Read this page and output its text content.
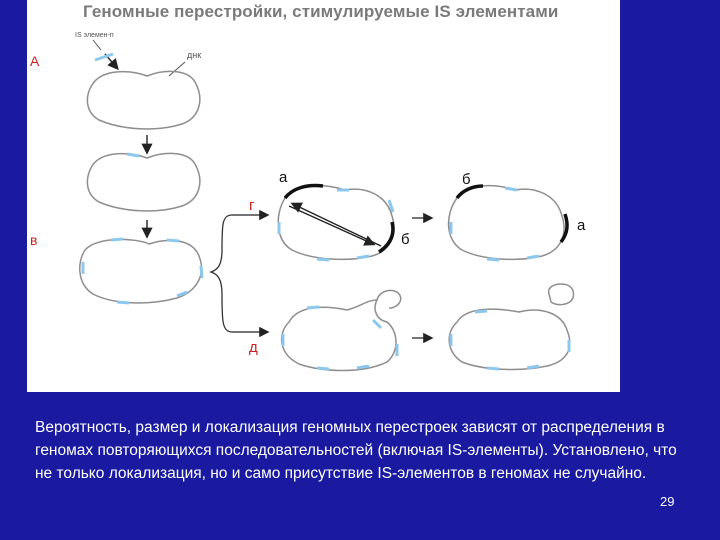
А
в
г
д
IS элемен-п
днк
а
б
б
а
Геномные перестройки, стимулируемые IS элементами
Вероятность, размер и локализация геномных перестроек зависят от распределения в геномах повторяющихся последовательностей (включая IS-элементы). Установлено, что не только локализация, но и само присутствие IS-элементов в геномах не случайно.
29
